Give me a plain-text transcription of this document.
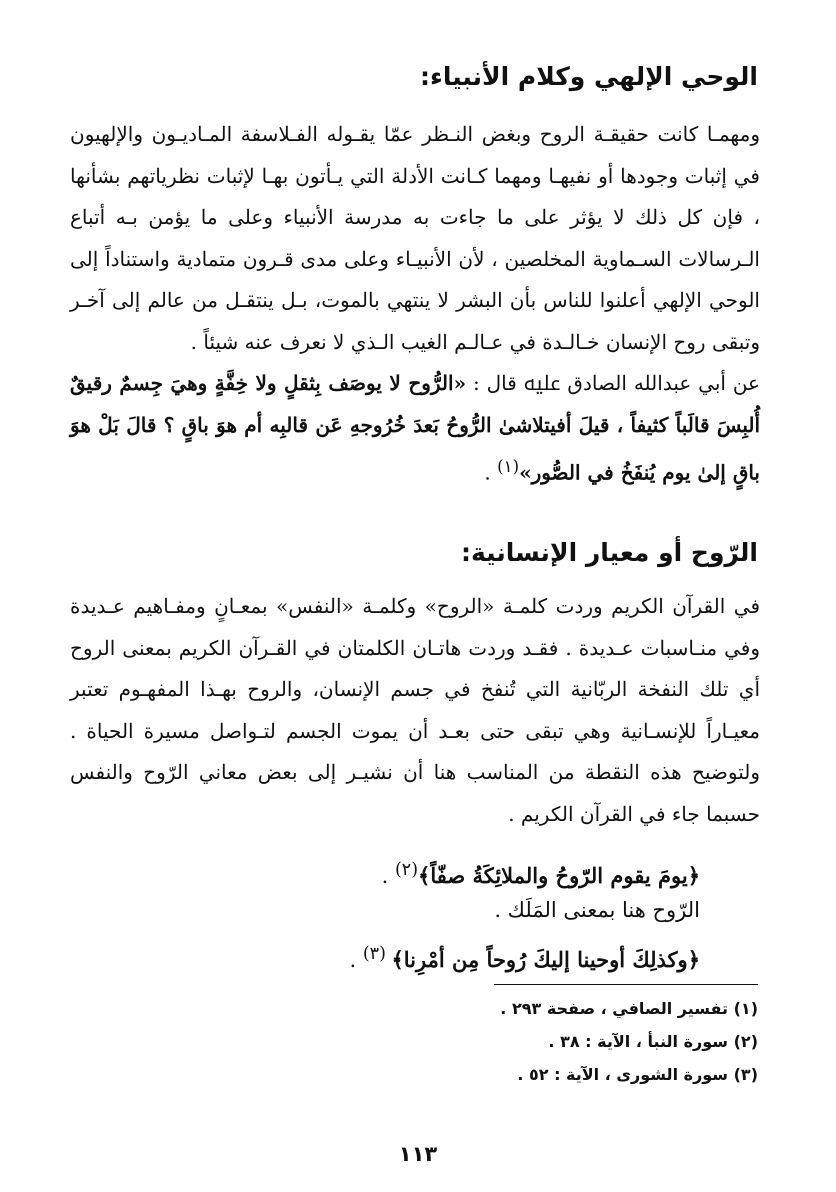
الوحي الإلهي وكلام الأنبياء:

ومهمـا كانت حقيقـة الروح وبغض النـظر عمّا يقـوله الفـلاسفة المـاديـون والإلهيون في إثبات وجودها أو نفيهـا ومهما كـانت الأدلة التي يـأتون بهـا لإثبات نظرياتهم بشأنها ، فإن كل ذلك لا يؤثر على ما جاءت به مدرسة الأنبياء وعلى ما يؤمن بـه أتباع الـرسالات السـماوية المخلصين ، لأن الأنبيـاء وعلى مدى قـرون متمادية واستناداً إلى الوحي الإلهي أعلنوا للناس بأن البشر لا ينتهي بالموت، بـل ينتقـل من عالم إلى آخـر وتبقى روح الإنسان خـالـدة في عـالـم الغيب الـذي لا نعرف عنه شيئاً .

عن أبي عبدالله الصادق ﷷ قال : «الرُّوح لا يوصَف بِثقلٍ ولا خِفَّةٍ وهيَ جِسمٌ رقيقٌ أُلبِسَ قالَباً كثيفاً ، قيلَ أفيتلاشىٰ الرُّوحُ بَعدَ خُرُوجهِ عَن قالبِه أم هوَ باقٍ ؟ قالَ بَلْ هوَ باقٍ إلىٰ يوم يُنفَخُ في الصُّور»$^{(١)}$ .

الرّوح أو معيار الإنسانية:

في القرآن الكريم وردت كلمـة «الروح» وكلمـة «النفس» بمعـانٍ ومفـاهيم عـديدة وفي منـاسبات عـديدة . فقـد وردت هاتـان الكلمتان في القـرآن الكريم بمعنى الروح أي تلك النفخة الربّانية التي تُنفخ في جسم الإنسان، والروح بهـذا المفهـوم تعتبر معيـاراً للإنسـانية وهي تبقى حتى بعـد أن يموت الجسم لتـواصل مسيرة الحياة . ولتوضيح هذه النقطة من المناسب هنا أن نشيـر إلى بعض معاني الرّوح والنفس حسبما جاء في القرآن الكريم .

﴿يومَ يقوم الرّوحُ والملائِكَةُ صفّاً﴾$^{(٢)}$ .
الرّوح هنا بمعنى المَلَك .
﴿وكذلِكَ أوحينا إليكَ رُوحاً مِن أمْرِنا﴾ $^{(٣)}$ .

(١) تفسير الصافي ، صفحة ٢٩٣ .

(٢) سورة النبأ ، الآية : ٣٨ .

(٣) سورة الشورى ، الآية : ٥٢ .

١١٣
